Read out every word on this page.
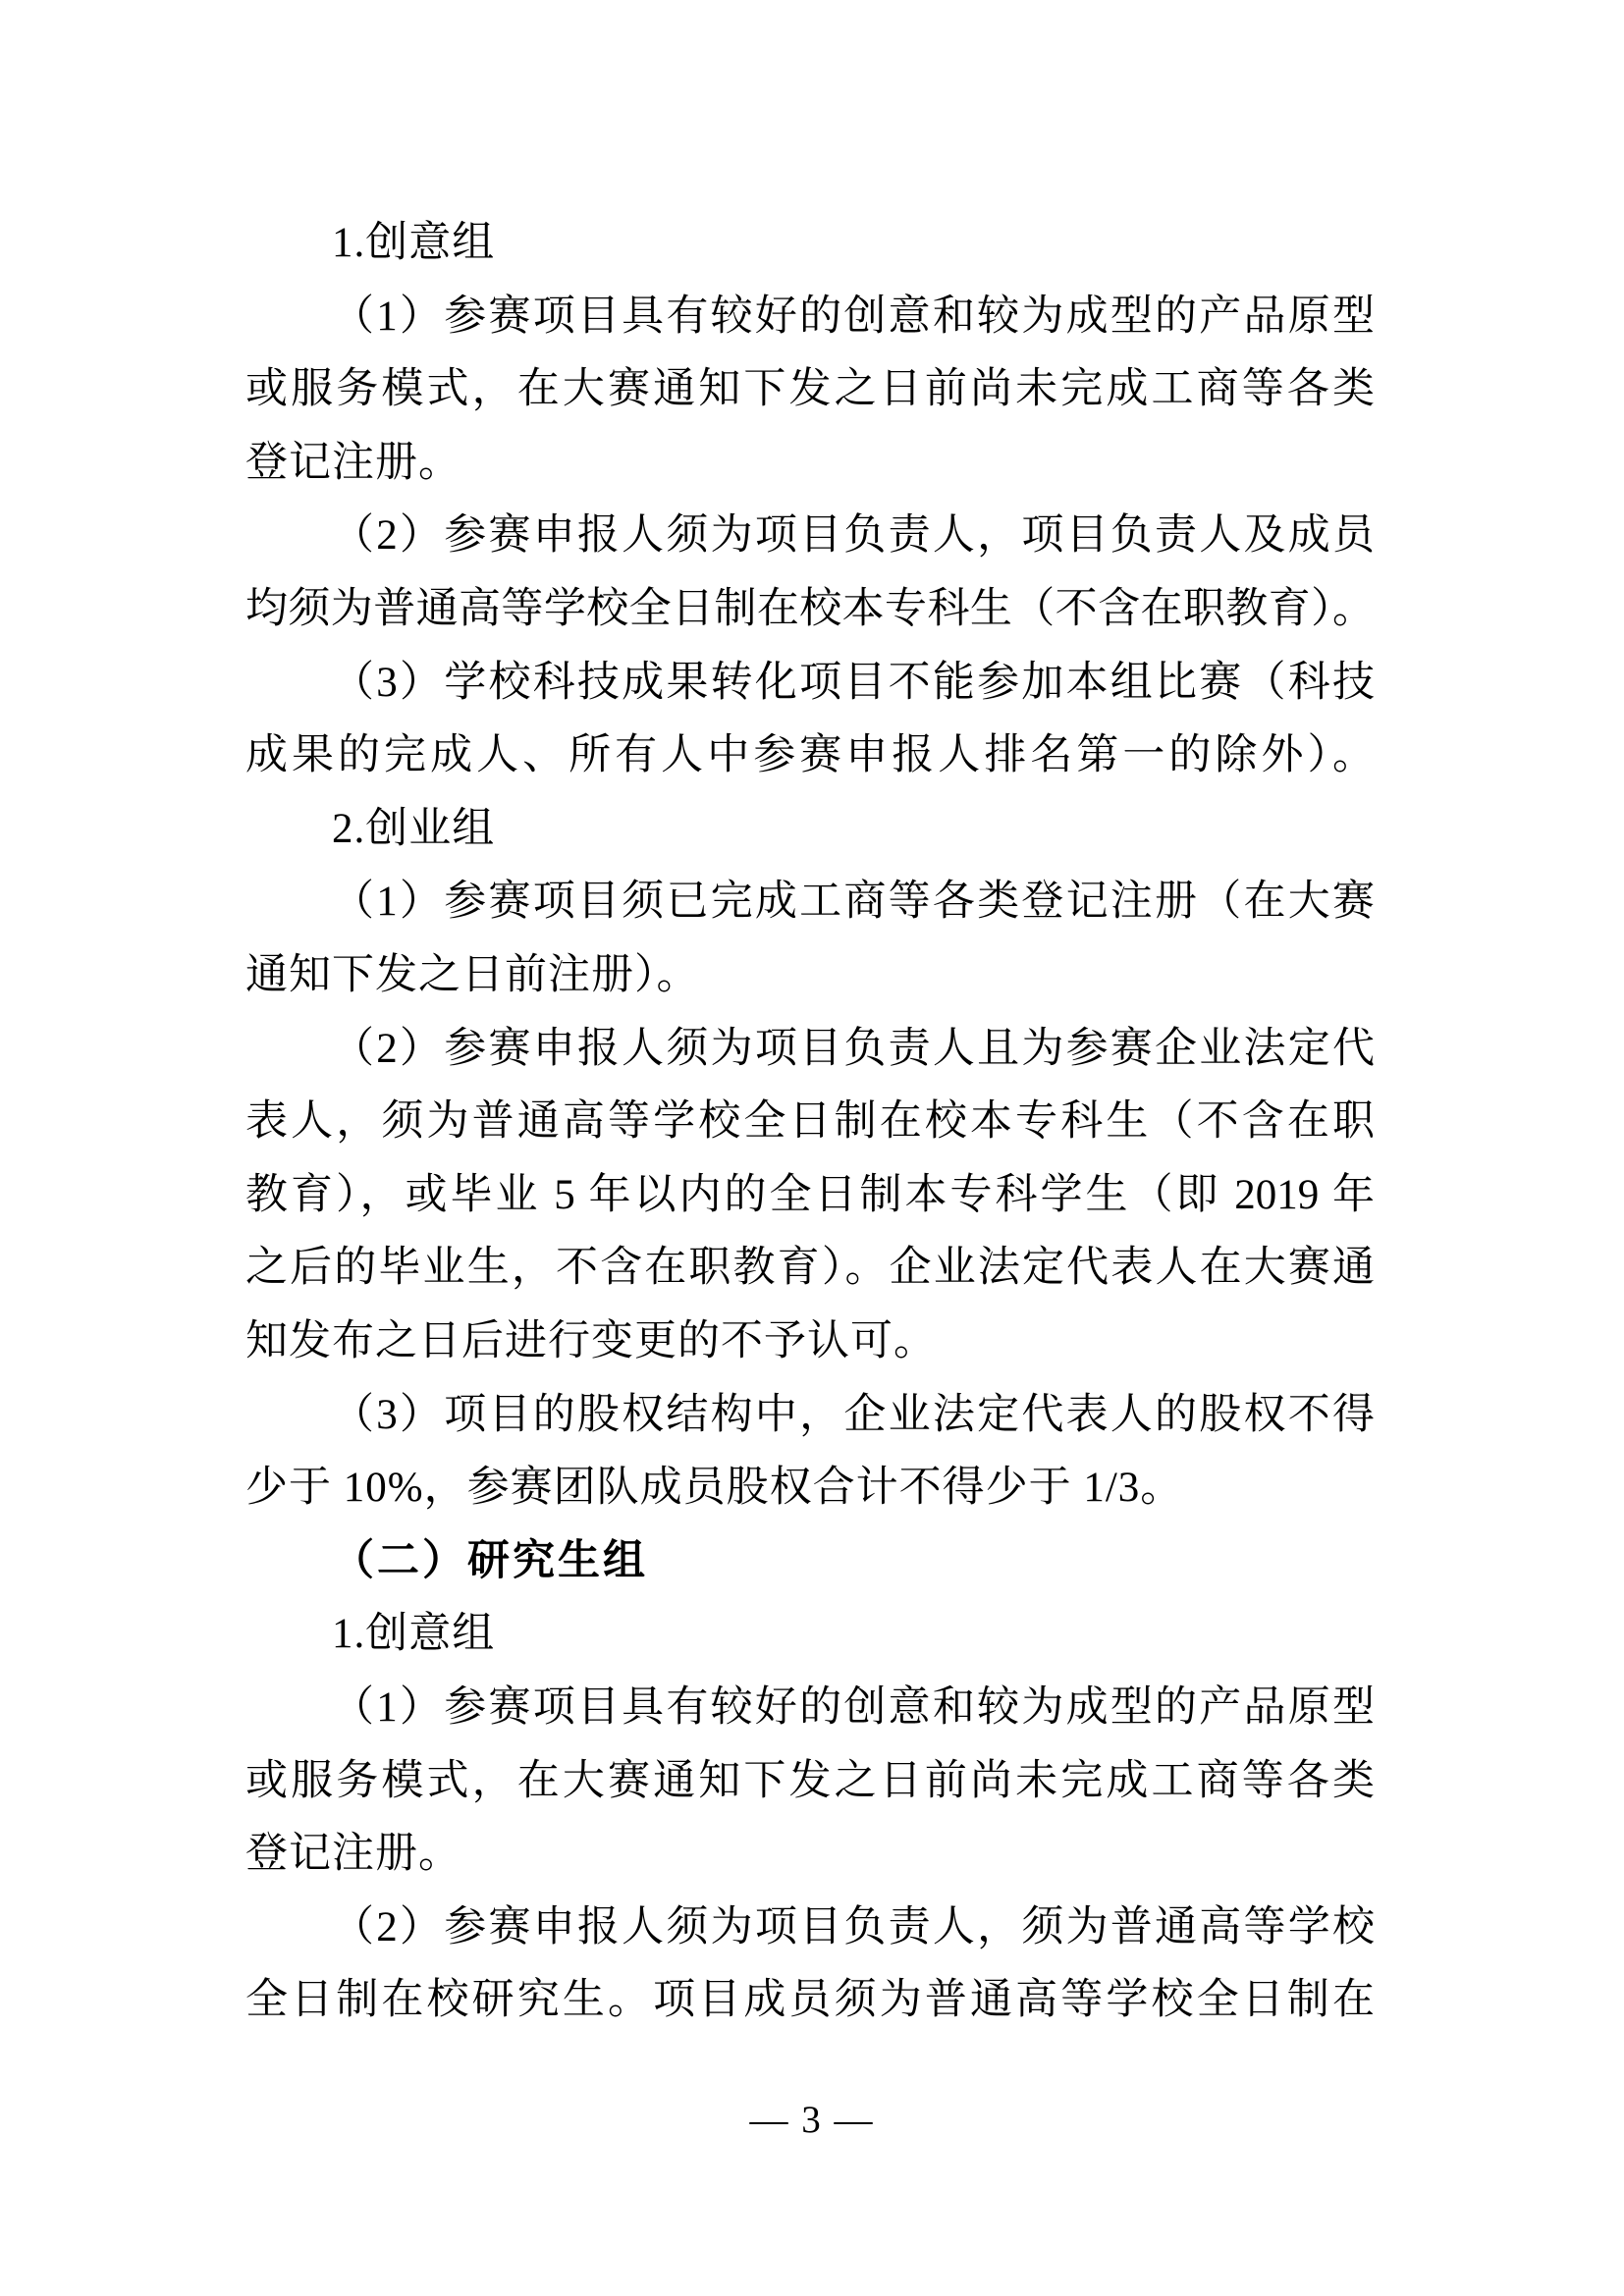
1.创意组
（1）参赛项目具有较好的创意和较为成型的产品原型
或服务模式，在大赛通知下发之日前尚未完成工商等各类
登记注册。
（2）参赛申报人须为项目负责人，项目负责人及成员
均须为普通高等学校全日制在校本专科生（不含在职教育）。
（3）学校科技成果转化项目不能参加本组比赛（科技
成果的完成人、所有人中参赛申报人排名第一的除外）。
2.创业组
（1）参赛项目须已完成工商等各类登记注册（在大赛
通知下发之日前注册）。
（2）参赛申报人须为项目负责人且为参赛企业法定代
表人，须为普通高等学校全日制在校本专科生（不含在职
教育），或毕业 5 年以内的全日制本专科学生（即 2019 年
之后的毕业生，不含在职教育）。企业法定代表人在大赛通
知发布之日后进行变更的不予认可。
（3）项目的股权结构中，企业法定代表人的股权不得
少于 10%，参赛团队成员股权合计不得少于 1/3。
（二）研究生组
1.创意组
（1）参赛项目具有较好的创意和较为成型的产品原型
或服务模式，在大赛通知下发之日前尚未完成工商等各类
登记注册。
（2）参赛申报人须为项目负责人，须为普通高等学校
全日制在校研究生。项目成员须为普通高等学校全日制在
— 3 —
